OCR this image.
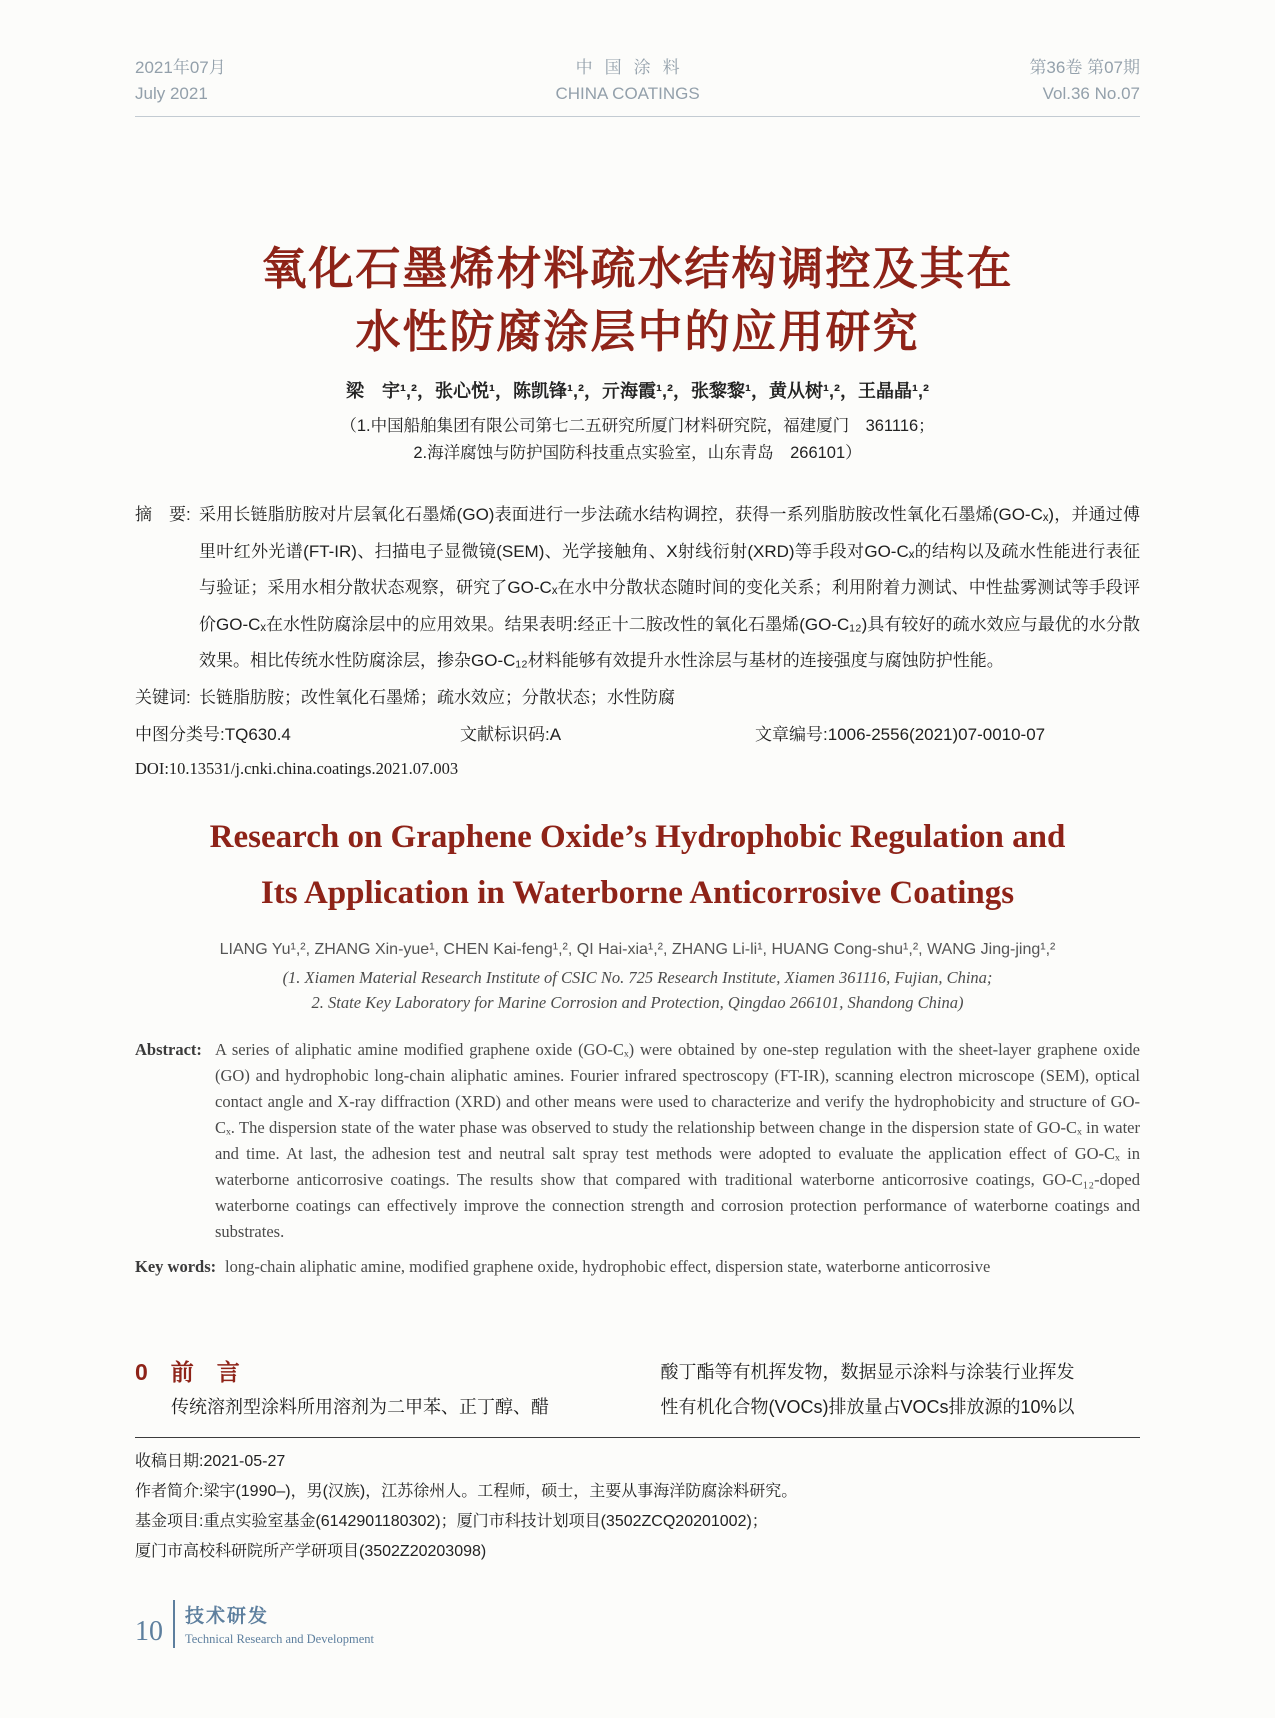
2021年07月
July 2021
中国涂料
CHINA COATINGS
第36卷 第07期
Vol.36 No.07
氧化石墨烯材料疏水结构调控及其在
水性防腐涂层中的应用研究

梁　宇¹,²，张心悦¹，陈凯锋¹,²，亓海霞¹,²，张黎黎¹，黄从树¹,²，王晶晶¹,²

（1.中国船舶集团有限公司第七二五研究所厦门材料研究院，福建厦门　361116；

2.海洋腐蚀与防护国防科技重点实验室，山东青岛　266101）

摘　要: 采用长链脂肪胺对片层氧化石墨烯(GO)表面进行一步法疏水结构调控，获得一系列脂肪胺改性氧化石墨烯(GO-Cₓ)，并通过傅里叶红外光谱(FT-IR)、扫描电子显微镜(SEM)、光学接触角、X射线衍射(XRD)等手段对GO-Cₓ的结构以及疏水性能进行表征与验证；采用水相分散状态观察，研究了GO-Cₓ在水中分散状态随时间的变化关系；利用附着力测试、中性盐雾测试等手段评价GO-Cₓ在水性防腐涂层中的应用效果。结果表明:经正十二胺改性的氧化石墨烯(GO-C₁₂)具有较好的疏水效应与最优的水分散效果。相比传统水性防腐涂层，掺杂GO-C₁₂材料能够有效提升水性涂层与基材的连接强度与腐蚀防护性能。

关键词: 长链脂肪胺；改性氧化石墨烯；疏水效应；分散状态；水性防腐

中图分类号:TQ630.4	文献标识码:A	文章编号:1006-2556(2021)07-0010-07

DOI:10.13531/j.cnki.china.coatings.2021.07.003

Research on Graphene Oxide’s Hydrophobic Regulation and
Its Application in Waterborne Anticorrosive Coatings

LIANG Yu¹,², ZHANG Xin-yue¹, CHEN Kai-feng¹,², QI Hai-xia¹,², ZHANG Li-li¹, HUANG Cong-shu¹,², WANG Jing-jing¹,²

(1. Xiamen Material Research Institute of CSIC No. 725 Research Institute, Xiamen 361116, Fujian, China;

2. State Key Laboratory for Marine Corrosion and Protection, Qingdao 266101, Shandong China)

Abstract: A series of aliphatic amine modified graphene oxide (GO-Cₓ) were obtained by one-step regulation with the sheet-layer graphene oxide (GO) and hydrophobic long-chain aliphatic amines. Fourier infrared spectroscopy (FT-IR), scanning electron microscope (SEM), optical contact angle and X-ray diffraction (XRD) and other means were used to characterize and verify the hydrophobicity and structure of GO-Cₓ. The dispersion state of the water phase was observed to study the relationship between change in the dispersion state of GO-Cₓ in water and time. At last, the adhesion test and neutral salt spray test methods were adopted to evaluate the application effect of GO-Cₓ in waterborne anticorrosive coatings. The results show that compared with traditional waterborne anticorrosive coatings, GO-C₁₂-doped waterborne coatings can effectively improve the connection strength and corrosion protection performance of waterborne coatings and substrates.

Key words: long-chain aliphatic amine, modified graphene oxide, hydrophobic effect, dispersion state, waterborne anticorrosive

0　前　言

传统溶剂型涂料所用溶剂为二甲苯、正丁醇、醋

酸丁酯等有机挥发物，数据显示涂料与涂装行业挥发

性有机化合物(VOCs)排放量占VOCs排放源的10%以

收稿日期:2021-05-27

作者简介:梁宇(1990–)，男(汉族)，江苏徐州人。工程师，硕士，主要从事海洋防腐涂料研究。

基金项目:重点实验室基金(6142901180302)；厦门市科技计划项目(3502ZCQ20201002)；

厦门市高校科研院所产学研项目(3502Z20203098)

10 技术研发
Technical Research and Development
